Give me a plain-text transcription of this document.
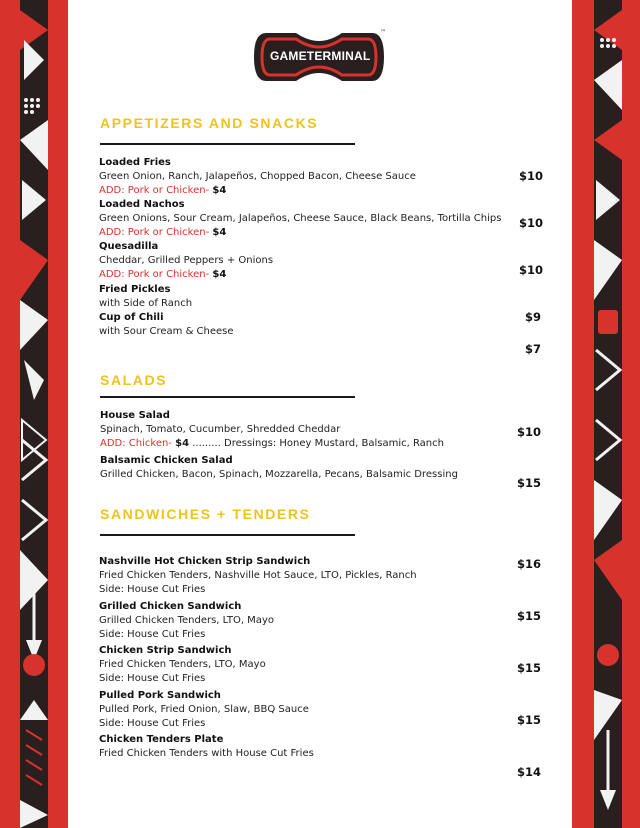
GAMETERMINAL
™
APPETIZERS AND SNACKS
Loaded Fries
Green Onion, Ranch, Jalapeños, Chopped Bacon, Cheese Sauce
ADD: Pork or Chicken- $4
Loaded Nachos
Green Onions, Sour Cream, Jalapeños, Cheese Sauce, Black Beans, Tortilla Chips
ADD: Pork or Chicken- $4
Quesadilla
Cheddar, Grilled Peppers + Onions
ADD: Pork or Chicken- $4
Fried Pickles
with Side of Ranch
Cup of Chili
with Sour Cream & Cheese
$10
$10
$10
$9
$7
SALADS
House Salad
Spinach, Tomato, Cucumber, Shredded Cheddar
ADD: Chicken- $4 ......... Dressings: Honey Mustard, Balsamic, Ranch
Balsamic Chicken Salad
Grilled Chicken, Bacon, Spinach, Mozzarella, Pecans, Balsamic Dressing
$10
$15
SANDWICHES + TENDERS
Nashville Hot Chicken Strip Sandwich
Fried Chicken Tenders, Nashville Hot Sauce, LTO, Pickles, Ranch
Side: House Cut Fries
Grilled Chicken Sandwich
Grilled Chicken Tenders, LTO, Mayo
Side: House Cut Fries
Chicken Strip Sandwich
Fried Chicken Tenders, LTO, Mayo
Side: House Cut Fries
Pulled Pork Sandwich
Pulled Pork, Fried Onion, Slaw, BBQ Sauce
Side: House Cut Fries
Chicken Tenders Plate
Fried Chicken Tenders with House Cut Fries
$16
$15
$15
$15
$14
